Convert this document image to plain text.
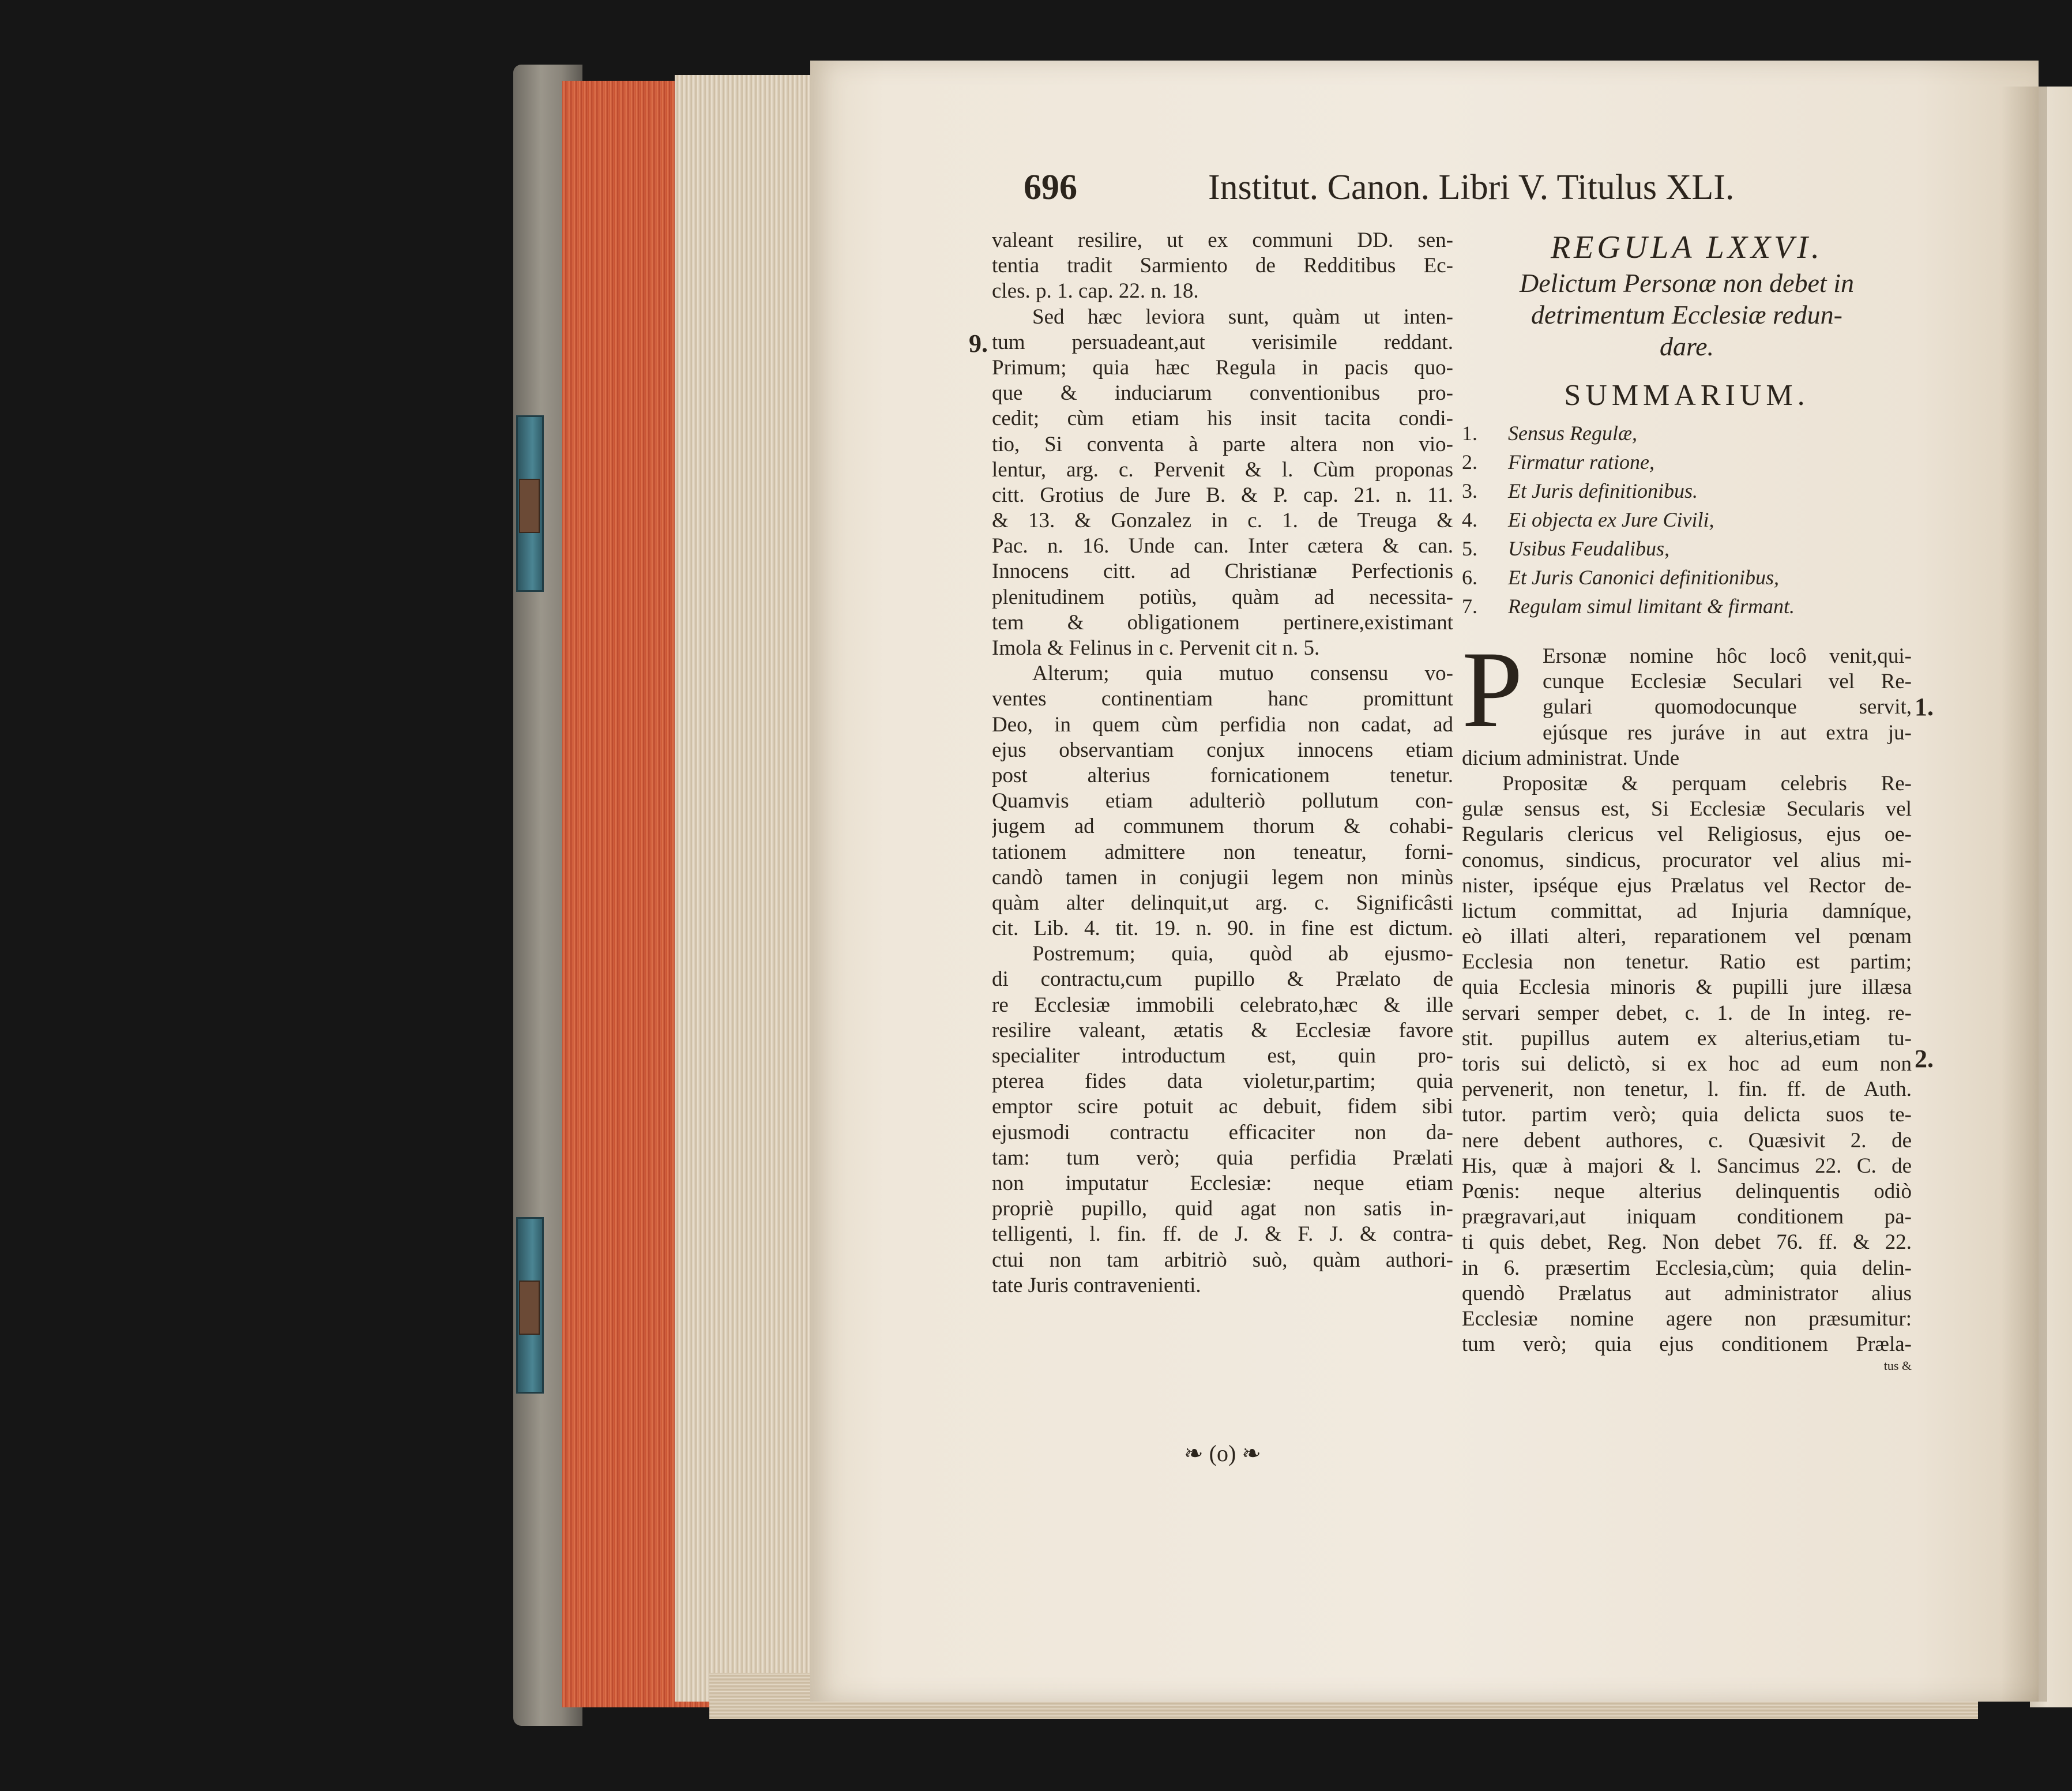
696	Institut. Canon. Libri V. Titulus XLI.
9.
valeant resilire, ut ex communi DD. sen-
tentia tradit Sarmiento de Redditibus Ec-
cles. p. 1. cap. 22. n. 18.
Sed hæc leviora sunt, quàm ut inten-
tum persuadeant,aut verisimile reddant.
Primum; quia hæc Regula in pacis quo-
que & induciarum conventionibus pro-
cedit; cùm etiam his insit tacita condi-
tio, Si conventa à parte altera non vio-
lentur, arg. c. Pervenit & l. Cùm proponas
citt. Grotius de Jure B. & P. cap. 21. n. 11.
& 13. & Gonzalez in c. 1. de Treuga &
Pac. n. 16. Unde can. Inter cætera & can.
Innocens citt. ad Christianæ Perfectionis
plenitudinem potiùs, quàm ad necessita-
tem & obligationem pertinere,existimant
Imola & Felinus in c. Pervenit cit n. 5.
Alterum; quia mutuo consensu vo-
ventes continentiam hanc promittunt
Deo, in quem cùm perfidia non cadat, ad
ejus observantiam conjux innocens etiam
post alterius fornicationem tenetur.
Quamvis etiam adulteriò pollutum con-
jugem ad communem thorum & cohabi-
tationem admittere non teneatur, forni-
candò tamen in conjugii legem non minùs
quàm alter delinquit,ut arg. c. Significâsti
cit. Lib. 4. tit. 19. n. 90. in fine est dictum.
Postremum; quia, quòd ab ejusmo-
di contractu,cum pupillo & Prælato de
re Ecclesiæ immobili celebrato,hæc & ille
resilire valeant, ætatis & Ecclesiæ favore
specialiter introductum est, quin pro-
pterea fides data violetur,partim; quia
emptor scire potuit ac debuit, fidem sibi
ejusmodi contractu efficaciter non da-
tam: tum verò; quia perfidia Prælati
non imputatur Ecclesiæ: neque etiam
propriè pupillo, quid agat non satis in-
telligenti, l. fin. ff. de J. & F. J. & contra-
ctui non tam arbitriò suò, quàm authori-
tate Juris contravenienti.
❧ (o) ❧
REGULA LXXVI.
Delictum Personæ non debet in
detrimentum Ecclesiæ redun-
dare.
SUMMARIUM.
1. Sensus Regulæ,
2. Firmatur ratione,
3. Et Juris definitionibus.
4. Ei objecta ex Jure Civili,
5. Usibus Feudalibus,
6. Et Juris Canonici definitionibus,
7. Regulam simul limitant & firmant.
P Ersonæ nomine hôc locô venit,qui-
cunque Ecclesiæ Seculari vel Re-
gulari quomodocunque servit,
ejúsque res juráve in aut extra ju-
dicium administrat. Unde
Propositæ & perquam celebris Re-
gulæ sensus est, Si Ecclesiæ Secularis vel
Regularis clericus vel Religiosus, ejus oe-
conomus, sindicus, procurator vel alius mi-
nister, ipséque ejus Prælatus vel Rector de-
lictum committat, ad Injuria damníque,
eò illati alteri, reparationem vel pœnam
Ecclesia non tenetur. Ratio est partim;
quia Ecclesia minoris & pupilli jure illæsa
servari semper debet, c. 1. de In integ. re-
stit. pupillus autem ex alterius,etiam tu-
toris sui delictò, si ex hoc ad eum non
pervenerit, non tenetur, l. fin. ff. de Auth.
tutor. partim verò; quia delicta suos te-
nere debent authores, c. Quæsivit 2. de
His, quæ à majori & l. Sancimus 22. C. de
Pœnis: neque alterius delinquentis odiò
prægravari,aut iniquam conditionem pa-
ti quis debet, Reg. Non debet 76. ff. & 22.
in 6. præsertim Ecclesia,cùm; quia delin-
quendò Prælatus aut administrator alius
Ecclesiæ nomine agere non præsumitur:
tum verò; quia ejus conditionem Præla-
tus &
1.
2.
